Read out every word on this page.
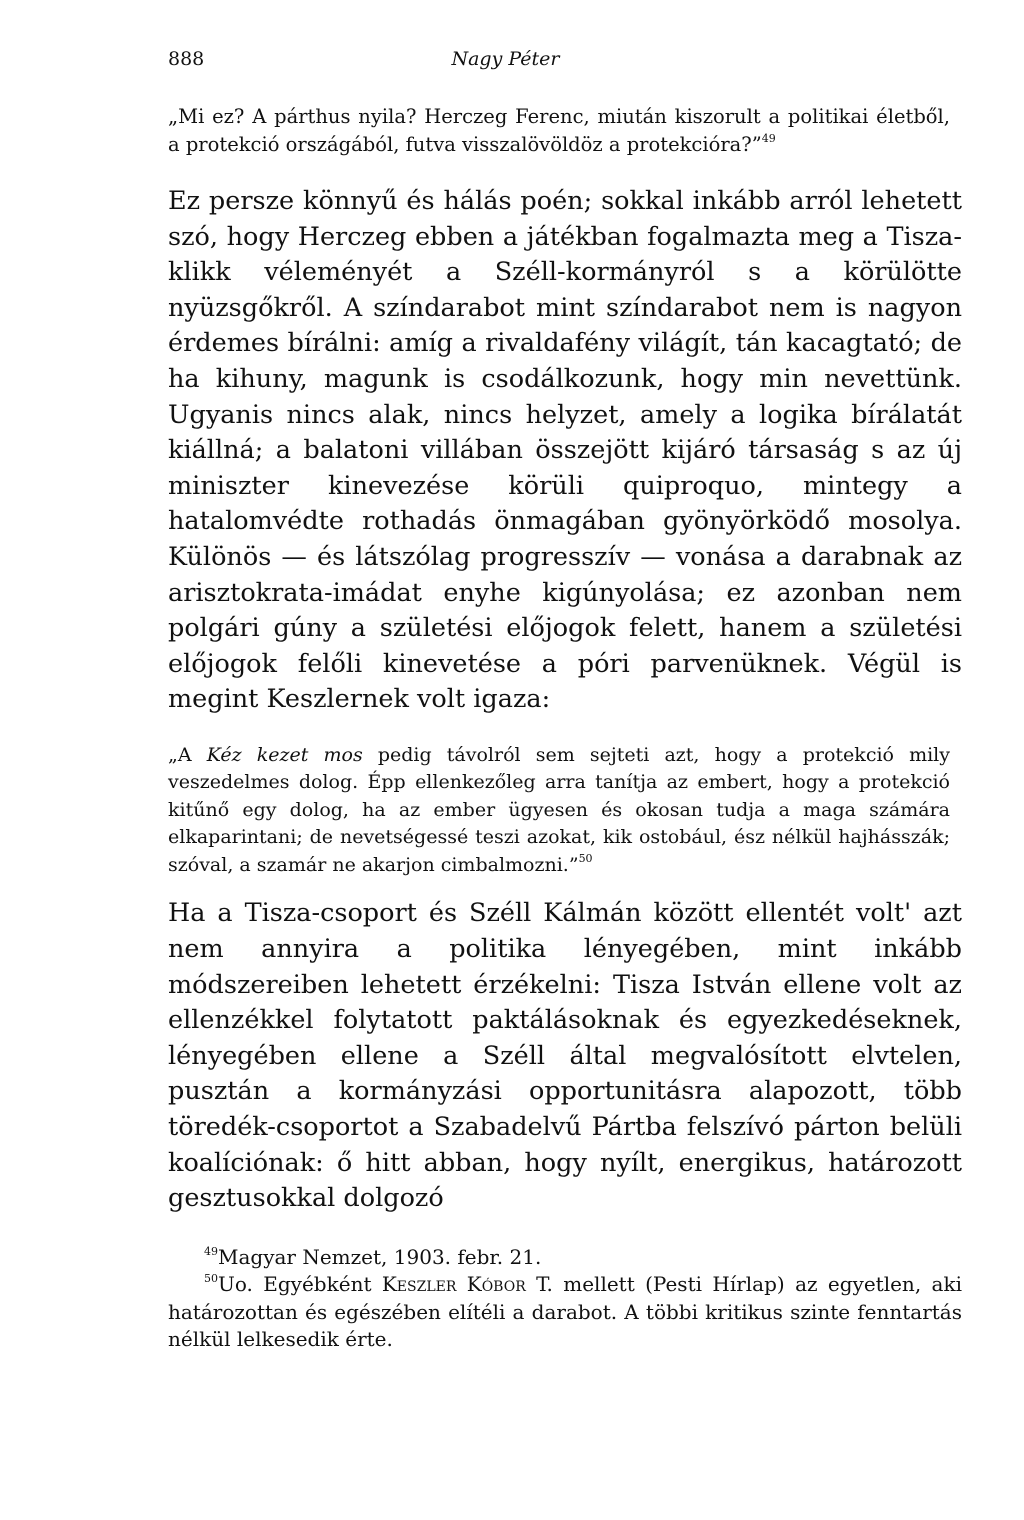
888	Nagy Péter

„Mi ez? A párthus nyila? Herczeg Ferenc, miután kiszorult a politikai életből, a protekció országából, futva visszalövöldöz a protekcióra?”$^{49}$

Ez persze könnyű és hálás poén; sokkal inkább arról lehetett szó, hogy Herczeg ebben a játékban fogalmazta meg a Tisza-klikk véleményét a Széll-kormányról s a körülötte nyüzsgőkről. A színdarabot mint színdarabot nem is nagyon érdemes bírálni: amíg a rivaldafény világít, tán kacagtató; de ha kihuny, magunk is csodálkozunk, hogy min nevettünk. Ugyanis nincs alak, nincs helyzet, amely a logika bírálatát kiállná; a balatoni villában összejött kijáró társaság s az új miniszter kinevezése körüli quiproquo, mintegy a hatalomvédte rothadás önmagában gyönyörködő mosolya. Különös — és látszólag progresszív — vonása a darabnak az arisztokrata-imádat enyhe kigúnyolása; ez azonban nem polgári gúny a születési előjogok felett, hanem a születési előjogok felőli kinevetése a póri parvenüknek. Végül is megint Keszlernek volt igaza:

„A Kéz kezet mos pedig távolról sem sejteti azt, hogy a protekció mily veszedelmes dolog. Épp ellenkezőleg arra tanítja az embert, hogy a protekció kitűnő egy dolog, ha az ember ügyesen és okosan tudja a maga számára elkaparintani; de nevetségessé teszi azokat, kik ostobául, ész nélkül hajhásszák; szóval, a szamár ne akarjon cimbalmozni.”$^{50}$

Ha a Tisza-csoport és Széll Kálmán között ellentét volt' azt nem annyira a politika lényegében, mint inkább módszereiben lehetett érzékelni: Tisza István ellene volt az ellenzékkel folytatott paktálásoknak és egyezkedéseknek, lényegében ellene a Széll által megvalósított elvtelen, pusztán a kormányzási opportunitásra alapozott, több töredék-csoportot a Szabadelvű Pártba felszívó párton belüli koalíciónak: ő hitt abban, hogy nyílt, energikus, határozott gesztusokkal dolgozó

$^{49}$Magyar Nemzet, 1903. febr. 21.

$^{50}$Uo. Egyébként Keszler Kóbor T. mellett (Pesti Hírlap) az egyetlen, aki határozottan és egészében elítéli a darabot. A többi kritikus szinte fenntartás nélkül lelkesedik érte.
